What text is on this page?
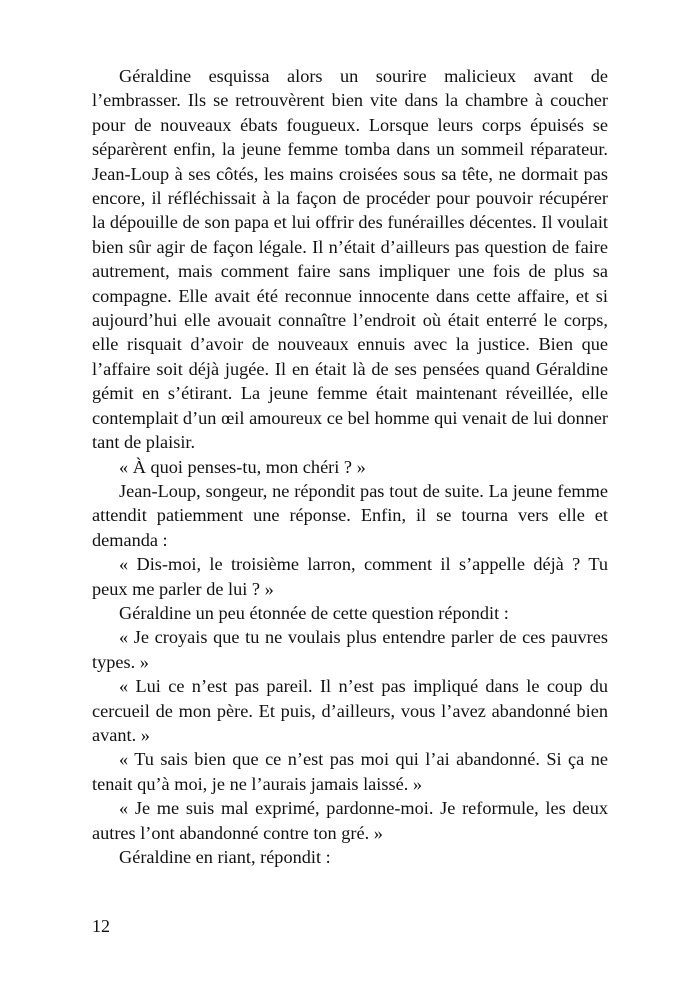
Géraldine esquissa alors un sourire malicieux avant de l’embrasser. Ils se retrouvèrent bien vite dans la chambre à coucher pour de nouveaux ébats fougueux. Lorsque leurs corps épuisés se séparèrent enfin, la jeune femme tomba dans un sommeil réparateur. Jean-Loup à ses côtés, les mains croisées sous sa tête, ne dormait pas encore, il réfléchissait à la façon de procéder pour pouvoir récupérer la dépouille de son papa et lui offrir des funérailles décentes. Il voulait bien sûr agir de façon légale. Il n’était d’ailleurs pas question de faire autrement, mais comment faire sans impliquer une fois de plus sa compagne. Elle avait été reconnue innocente dans cette affaire, et si aujourd’hui elle avouait connaître l’endroit où était enterré le corps, elle risquait d’avoir de nouveaux ennuis avec la justice. Bien que l’affaire soit déjà jugée. Il en était là de ses pensées quand Géraldine gémit en s’étirant. La jeune femme était maintenant réveillée, elle contemplait d’un œil amoureux ce bel homme qui venait de lui donner tant de plaisir.

« À quoi penses-tu, mon chéri ? »

Jean-Loup, songeur, ne répondit pas tout de suite. La jeune femme attendit patiemment une réponse. Enfin, il se tourna vers elle et demanda :

« Dis-moi, le troisième larron, comment il s’appelle déjà ? Tu peux me parler de lui ? »

Géraldine un peu étonnée de cette question répondit :

« Je croyais que tu ne voulais plus entendre parler de ces pauvres types. »

« Lui ce n’est pas pareil. Il n’est pas impliqué dans le coup du cercueil de mon père. Et puis, d’ailleurs, vous l’avez abandonné bien avant. »

« Tu sais bien que ce n’est pas moi qui l’ai abandonné. Si ça ne tenait qu’à moi, je ne l’aurais jamais laissé. »

« Je me suis mal exprimé, pardonne-moi. Je reformule, les deux autres l’ont abandonné contre ton gré. »

Géraldine en riant, répondit :

12
